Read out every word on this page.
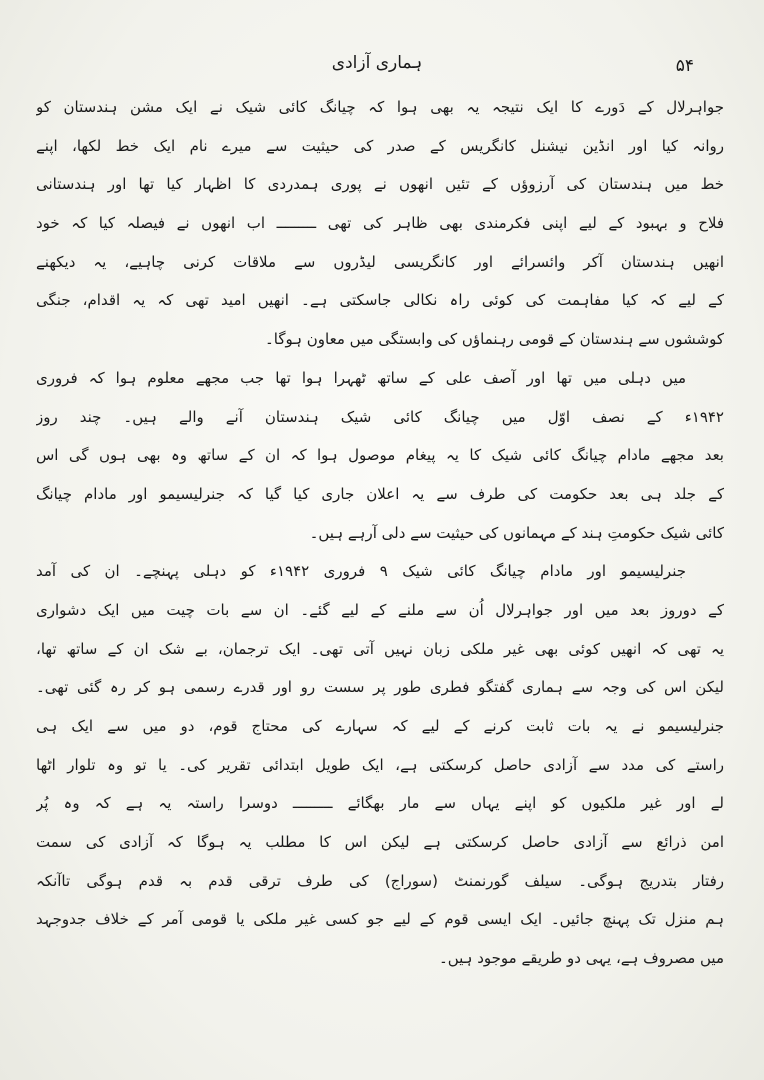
ہماری آزادی	۵۴
جواہرلال کے دَورے کا ایک نتیجہ یہ بھی ہوا کہ چیانگ کائی شیک نے ایک مشن ہندستان کو
روانہ کیا اور انڈین نیشنل کانگریس کے صدر کی حیثیت سے میرے نام ایک خط لکھا، اپنے
خط میں ہندستان کی آرزوؤں کے تئیں انھوں نے پوری ہمدردی کا اظہار کیا تھا اور ہندستانی
فلاح و بہبود کے لیے اپنی فکرمندی بھی ظاہر کی تھی ـــــــــ اب انھوں نے فیصلہ کیا کہ خود
انھیں ہندستان آکر وائسرائے اور کانگریسی لیڈروں سے ملاقات کرنی چاہیے، یہ دیکھنے
کے لیے کہ کیا مفاہمت کی کوئی راہ نکالی جاسکتی ہے۔ انھیں امید تھی کہ یہ اقدام، جنگی
کوششوں سے ہندستان کے قومی رہنماؤں کی وابستگی میں معاون ہوگا۔
میں دہلی میں تھا اور آصف علی کے ساتھ ٹھہرا ہوا تھا جب مجھے معلوم ہوا کہ فروری
۱۹۴۲ء کے نصف اوّل میں چیانگ کائی شیک ہندستان آنے والے ہیں۔ چند روز
بعد مجھے مادام چیانگ کائی شیک کا یہ پیغام موصول ہوا کہ ان کے ساتھ وہ بھی ہوں گی اس
کے جلد ہی بعد حکومت کی طرف سے یہ اعلان جاری کیا گیا کہ جنرلیسیمو اور مادام چیانگ
کائی شیک حکومتِ ہند کے مہمانوں کی حیثیت سے دلی آرہے ہیں۔
جنرلیسیمو اور مادام چیانگ کائی شیک ۹ فروری ۱۹۴۲ء کو دہلی پہنچے۔ ان کی آمد
کے دوروز بعد میں اور جواہرلال اُن سے ملنے کے لیے گئے۔ ان سے بات چیت میں ایک دشواری
یہ تھی کہ انھیں کوئی بھی غیر ملکی زبان نہیں آتی تھی۔ ایک ترجمان، بے شک ان کے ساتھ تھا،
لیکن اس کی وجہ سے ہماری گفتگو فطری طور پر سست رو اور قدرے رسمی ہو کر رہ گئی تھی۔
جنرلیسیمو نے یہ بات ثابت کرنے کے لیے کہ سہارے کی محتاج قوم، دو میں سے ایک ہی
راستے کی مدد سے آزادی حاصل کرسکتی ہے، ایک طویل ابتدائی تقریر کی۔ یا تو وہ تلوار اٹھا
لے اور غیر ملکیوں کو اپنے یہاں سے مار بھگائے ـــــــــ دوسرا راستہ یہ ہے کہ وہ پُر
امن ذرائع سے آزادی حاصل کرسکتی ہے لیکن اس کا مطلب یہ ہوگا کہ آزادی کی سمت
رفتار بتدریج ہوگی۔ سیلف گورنمنٹ (سوراج) کی طرف ترقی قدم بہ قدم ہوگی تاآنکہ
ہم منزل تک پہنچ جائیں۔ ایک ایسی قوم کے لیے جو کسی غیر ملکی یا قومی آمر کے خلاف جدوجہد
میں مصروف ہے، یہی دو طریقے موجود ہیں۔
